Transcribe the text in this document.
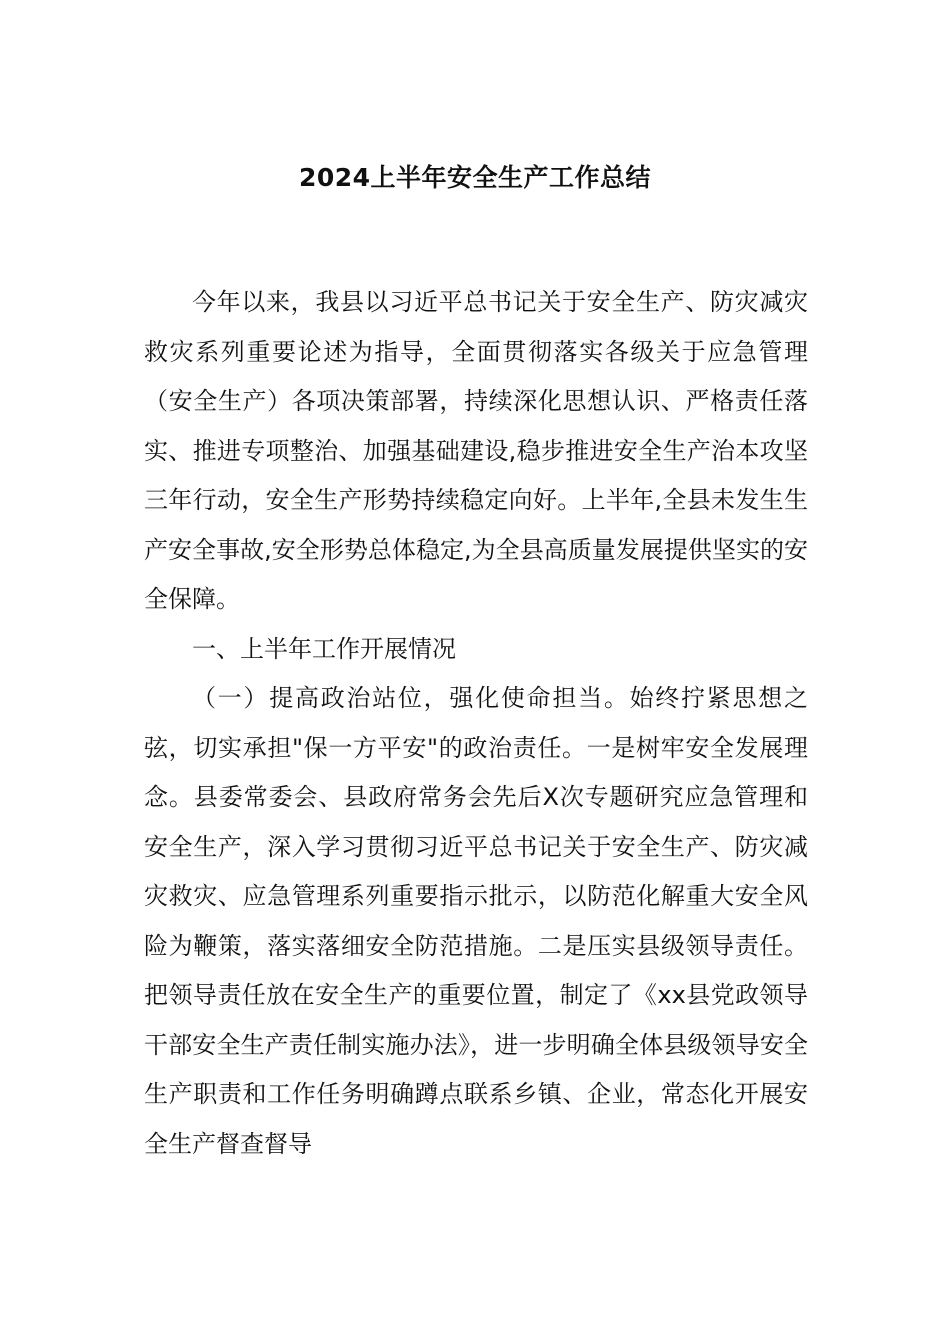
2024上半年安全生产工作总结

今年以来，我县以习近平总书记关于安全生产、防灾减灾救灾系列重要论述为指导，全面贯彻落实各级关于应急管理（安全生产）各项决策部署，持续深化思想认识、严格责任落实、推进专项整治、加强基础建设,稳步推进安全生产治本攻坚三年行动，安全生产形势持续稳定向好。上半年,全县未发生生产安全事故,安全形势总体稳定,为全县高质量发展提供坚实的安全保障。

一、上半年工作开展情况

（一）提高政治站位，强化使命担当。始终拧紧思想之弦，切实承担"保一方平安"的政治责任。一是树牢安全发展理念。县委常委会、县政府常务会先后X次专题研究应急管理和安全生产，深入学习贯彻习近平总书记关于安全生产、防灾减灾救灾、应急管理系列重要指示批示，以防范化解重大安全风险为鞭策，落实落细安全防范措施。二是压实县级领导责任。把领导责任放在安全生产的重要位置，制定了《xx县党政领导干部安全生产责任制实施办法》，进一步明确全体县级领导安全生产职责和工作任务明确蹲点联系乡镇、企业，常态化开展安全生产督查督导
